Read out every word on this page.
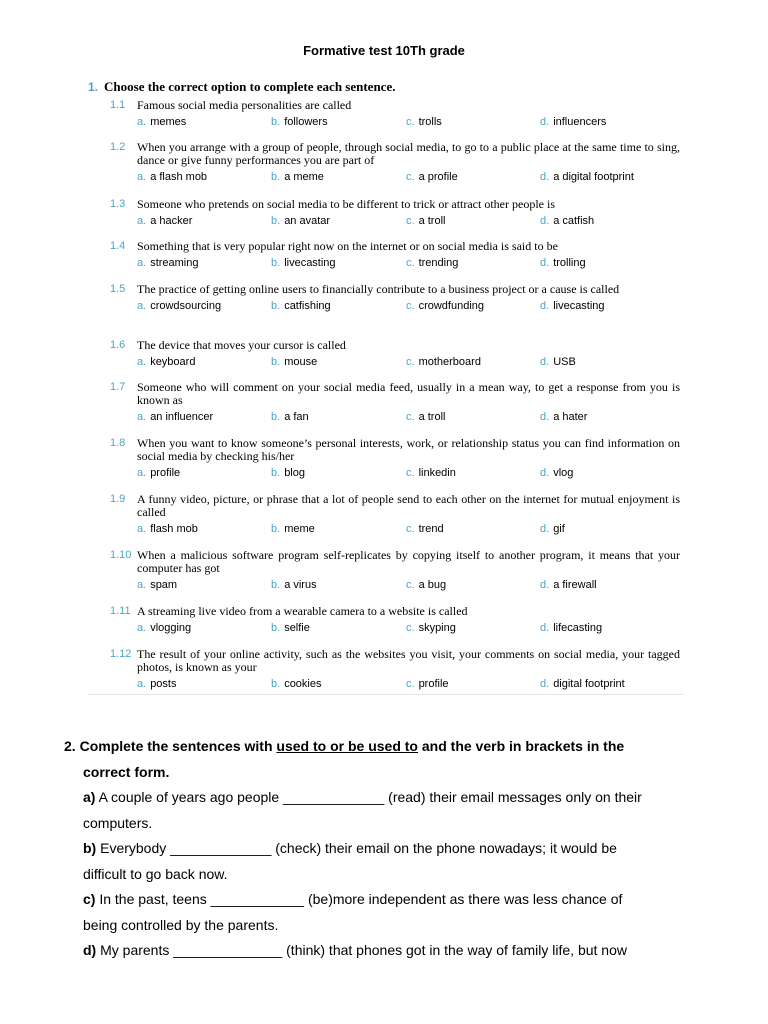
Formative test 10Th grade
1. Choose the correct option to complete each sentence.
1.1 Famous social media personalities are called
a. memes	b. followers	c. trolls	d. influencers
1.2 When you arrange with a group of people, through social media, to go to a public place at the same time to sing, dance or give funny performances you are part of
a. a flash mob	b. a meme	c. a profile	d. a digital footprint
1.3 Someone who pretends on social media to be different to trick or attract other people is
a. a hacker	b. an avatar	c. a troll	d. a catfish
1.4 Something that is very popular right now on the internet or on social media is said to be
a. streaming	b. livecasting	c. trending	d. trolling
1.5 The practice of getting online users to financially contribute to a business project or a cause is called
a. crowdsourcing	b. catfishing	c. crowdfunding	d. livecasting
1.6 The device that moves your cursor is called
a. keyboard	b. mouse	c. motherboard	d. USB
1.7 Someone who will comment on your social media feed, usually in a mean way, to get a response from you is known as
a. an influencer	b. a fan	c. a troll	d. a hater
1.8 When you want to know someone’s personal interests, work, or relationship status you can find information on social media by checking his/her
a. profile	b. blog	c. linkedin	d. vlog
1.9 A funny video, picture, or phrase that a lot of people send to each other on the internet for mutual enjoyment is called
a. flash mob	b. meme	c. trend	d. gif
1.10 When a malicious software program self-replicates by copying itself to another program, it means that your computer has got
a. spam	b. a virus	c. a bug	d. a firewall
1.11 A streaming live video from a wearable camera to a website is called
a. vlogging	b. selfie	c. skyping	d. lifecasting
1.12 The result of your online activity, such as the websites you visit, your comments on social media, your tagged photos, is known as your
a. posts	b. cookies	c. profile	d. digital footprint
2. Complete the sentences with used to or be used to and the verb in brackets in the
correct form.
a) A couple of years ago people _____________ (read) their email messages only on their
computers.
b) Everybody _____________ (check) their email on the phone nowadays; it would be
difficult to go back now.
c) In the past, teens ____________ (be)more independent as there was less chance of
being controlled by the parents.
d) My parents ______________ (think) that phones got in the way of family life, but now
